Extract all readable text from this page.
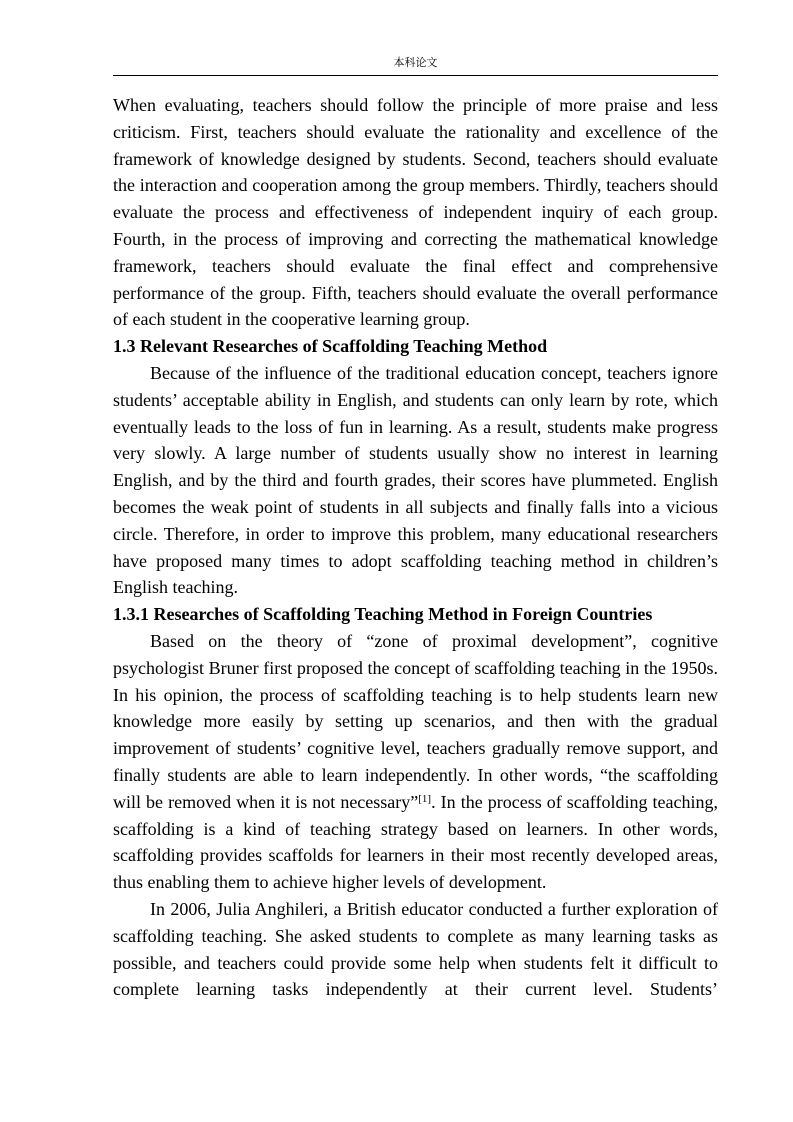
本科论文

When evaluating, teachers should follow the principle of more praise and less criticism. First, teachers should evaluate the rationality and excellence of the framework of knowledge designed by students. Second, teachers should evaluate the interaction and cooperation among the group members. Thirdly, teachers should evaluate the process and effectiveness of independent inquiry of each group. Fourth, in the process of improving and correcting the mathematical knowledge framework, teachers should evaluate the final effect and comprehensive performance of the group. Fifth, teachers should evaluate the overall performance of each student in the cooperative learning group.

1.3 Relevant Researches of Scaffolding Teaching Method

Because of the influence of the traditional education concept, teachers ignore students’ acceptable ability in English, and students can only learn by rote, which eventually leads to the loss of fun in learning. As a result, students make progress very slowly. A large number of students usually show no interest in learning English, and by the third and fourth grades, their scores have plummeted. English becomes the weak point of students in all subjects and finally falls into a vicious circle. Therefore, in order to improve this problem, many educational researchers have proposed many times to adopt scaffolding teaching method in children’s English teaching.

1.3.1 Researches of Scaffolding Teaching Method in Foreign Countries

Based on the theory of “zone of proximal development”, cognitive psychologist Bruner first proposed the concept of scaffolding teaching in the 1950s. In his opinion, the process of scaffolding teaching is to help students learn new knowledge more easily by setting up scenarios, and then with the gradual improvement of students’ cognitive level, teachers gradually remove support, and finally students are able to learn independently. In other words, “the scaffolding will be removed when it is not necessary”[1]. In the process of scaffolding teaching, scaffolding is a kind of teaching strategy based on learners. In other words, scaffolding provides scaffolds for learners in their most recently developed areas, thus enabling them to achieve higher levels of development.

In 2006, Julia Anghileri, a British educator conducted a further exploration of scaffolding teaching. She asked students to complete as many learning tasks as possible, and teachers could provide some help when students felt it difficult to complete learning tasks independently at their current level. Students’
